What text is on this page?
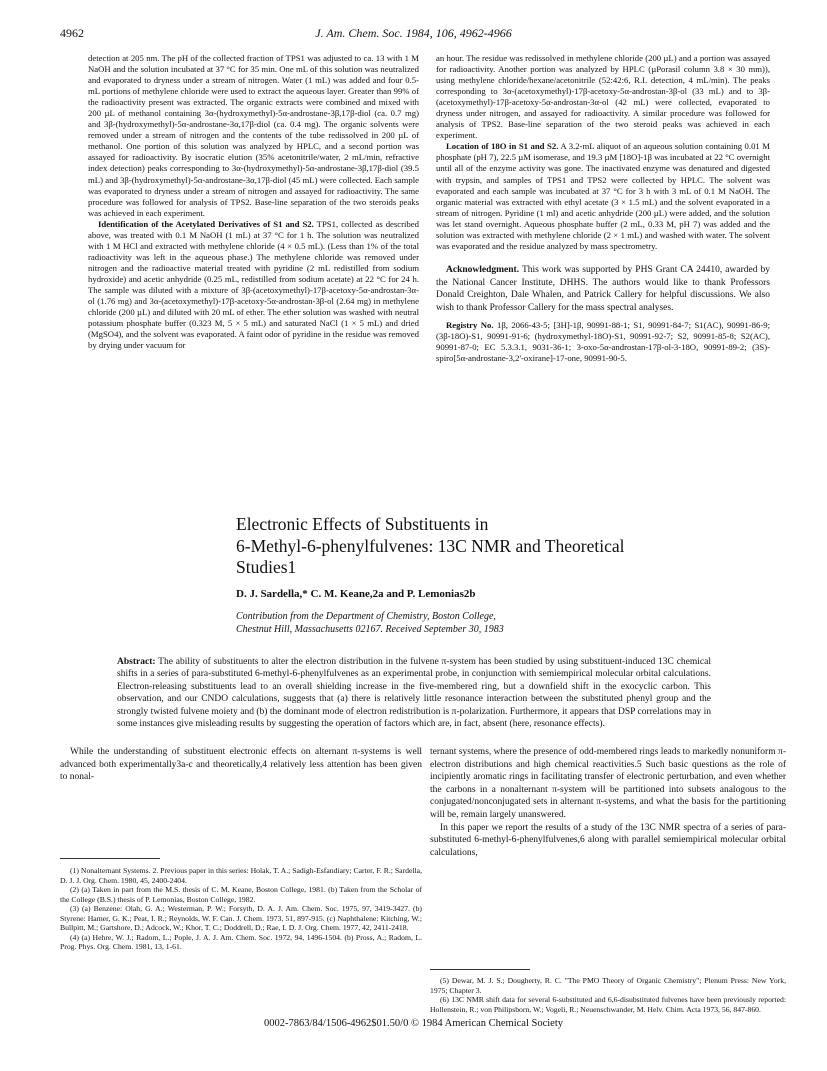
4962	J. Am. Chem. Soc. 1984, 106, 4962-4966

detection at 205 nm. The pH of the collected fraction of TPS1 was adjusted to ca. 13 with 1 M NaOH and the solution incubated at 37 °C for 35 min. One mL of this solution was neutralized and evaporated to dryness under a stream of nitrogen. Water (1 mL) was added and four 0.5-mL portions of methylene chloride were used to extract the aqueous layer. Greater than 99% of the radioactivity present was extracted. The organic extracts were combined and mixed with 200 µL of methanol containing 3α-(hydroxymethyl)-5α-androstane-3β,17β-diol (ca. 0.7 mg) and 3β-(hydroxymethyl)-5α-androstane-3α,17β-diol (ca. 0.4 mg). The organic solvents were removed under a stream of nitrogen and the contents of the tube redissolved in 200 µL of methanol. One portion of this solution was analyzed by HPLC, and a second portion was assayed for radioactivity. By isocratic elution (35% acetonitrile/water, 2 mL/min, refractive index detection) peaks corresponding to 3α-(hydroxymethyl)-5α-androstane-3β,17β-diol (39.5 mL) and 3β-(hydroxymethyl)-5α-androstane-3α,17β-diol (45 mL) were collected. Each sample was evaporated to dryness under a stream of nitrogen and assayed for radioactivity. The same procedure was followed for analysis of TPS2. Base-line separation of the two steroids peaks was achieved in each experiment.

Identification of the Acetylated Derivatives of S1 and S2. TPS1, collected as described above, was treated with 0.1 M NaOH (1 mL) at 37 °C for 1 h. The solution was neutralized with 1 M HCl and extracted with methylene chloride (4 × 0.5 mL). (Less than 1% of the total radioactivity was left in the aqueous phase.) The methylene chloride was removed under nitrogen and the radioactive material treated with pyridine (2 mL redistilled from sodium hydroxide) and acetic anhydride (0.25 mL, redistilled from sodium acetate) at 22 °C for 24 h. The sample was diluted with a mixture of 3β-(acetoxymethyl)-17β-acetoxy-5α-androstan-3α-ol (1.76 mg) and 3α-(acetoxymethyl)-17β-acetoxy-5α-androstan-3β-ol (2.64 mg) in methylene chloride (200 µL) and diluted with 20 mL of ether. The ether solution was washed with neutral potassium phosphate buffer (0.323 M, 5 × 5 mL) and saturated NaCl (1 × 5 mL) and dried (MgSO4), and the solvent was evaporated. A faint odor of pyridine in the residue was removed by drying under vacuum for

an hour. The residue was redissolved in methylene chloride (200 µL) and a portion was assayed for radioactivity. Another portion was analyzed by HPLC (µPorasil column 3.8 × 30 mm)), using methylene chloride/hexane/acetonitrile (52:42:6, R.I. detection, 4 mL/min). The peaks corresponding to 3α-(acetoxymethyl)-17β-acetoxy-5α-androstan-3β-ol (33 mL) and to 3β-(acetoxymethyl)-17β-acetoxy-5α-androstan-3α-ol (42 mL) were collected, evaporated to dryness under nitrogen, and assayed for radioactivity. A similar procedure was followed for analysis of TPS2. Base-line separation of the two steroid peaks was achieved in each experiment.

Location of 18O in S1 and S2. A 3.2-mL aliquot of an aqueous solution containing 0.01 M phosphate (pH 7), 22.5 µM isomerase, and 19.3 µM [18O]-1β was incubated at 22 °C overnight until all of the enzyme activity was gone. The inactivated enzyme was denatured and digested with trypsin, and samples of TPS1 and TPS2 were collected by HPLC. The solvent was evaporated and each sample was incubated at 37 °C for 3 h with 3 mL of 0.1 M NaOH. The organic material was extracted with ethyl acetate (3 × 1.5 mL) and the solvent evaporated in a stream of nitrogen. Pyridine (1 ml) and acetic anhydride (200 µL) were added, and the solution was let stand overnight. Aqueous phosphate buffer (2 mL, 0.33 M, pH 7) was added and the solution was extracted with methylene chloride (2 × 1 mL) and washed with water. The solvent was evaporated and the residue analyzed by mass spectrometry.

Acknowledgment. This work was supported by PHS Grant CA 24410, awarded by the National Cancer Institute, DHHS. The authors would like to thank Professors Donald Creighton, Dale Whalen, and Patrick Callery for helpful discussions. We also wish to thank Professor Callery for the mass spectral analyses.

Registry No. 1β, 2066-43-5; [3H]-1β, 90991-88-1; S1, 90991-84-7; S1(AC), 90991-86-9; (3β-18O)-S1, 90991-91-6; (hydroxymethyl-18O)-S1, 90991-92-7; S2, 90991-85-8; S2(AC), 90991-87-0; EC 5.3.3.1, 9031-36-1; 3-oxo-5α-androstan-17β-ol-3-18O, 90991-89-2; (3S)-spiro[5α-androstane-3,2'-oxirane]-17-one, 90991-90-5.

Electronic Effects of Substituents in
6-Methyl-6-phenylfulvenes: 13C NMR and Theoretical
Studies1
D. J. Sardella,* C. M. Keane,2a and P. Lemonias2b
Contribution from the Department of Chemistry, Boston College,
Chestnut Hill, Massachusetts 02167. Received September 30, 1983
Abstract: The ability of substituents to alter the electron distribution in the fulvene π-system has been studied by using substituent-induced 13C chemical shifts in a series of para-substituted 6-methyl-6-phenylfulvenes as an experimental probe, in conjunction with semiempirical molecular orbital calculations. Electron-releasing substituents lead to an overall shielding increase in the five-membered ring, but a downfield shift in the exocyclic carbon. This observation, and our CNDO calculations, suggests that (a) there is relatively little resonance interaction between the substituted phenyl group and the strongly twisted fulvene moiety and (b) the dominant mode of electron redistribution is π-polarization. Furthermore, it appears that DSP correlations may in some instances give misleading results by suggesting the operation of factors which are, in fact, absent (here, resonance effects).

While the understanding of substituent electronic effects on alternant π-systems is well advanced both experimentally3a-c and theoretically,4 relatively less attention has been given to nonal-

ternant systems, where the presence of odd-membered rings leads to markedly nonuniform π-electron distributions and high chemical reactivities.5 Such basic questions as the role of incipiently aromatic rings in facilitating transfer of electronic perturbation, and even whether the carbons in a nonalternant π-system will be partitioned into subsets analogous to the conjugated/nonconjugated sets in alternant π-systems, and what the basis for the partitioning will be, remain largely unanswered.

In this paper we report the results of a study of the 13C NMR spectra of a series of para-substituted 6-methyl-6-phenylfulvenes,6 along with parallel semiempirical molecular orbital calculations,

(1) Nonalternant Systems. 2. Previous paper in this series: Holak, T. A.; Sadigh-Esfandiary; Carter, F. R.; Sardella, D. J. J. Org. Chem. 1980, 45, 2400-2404.

(2) (a) Taken in part from the M.S. thesis of C. M. Keane, Boston College, 1981. (b) Taken from the Scholar of the College (B.S.) thesis of P. Lemonias, Boston College, 1982.

(3) (a) Benzene: Olah, G. A.; Westerman, P. W.; Forsyth, D. A. J. Am. Chem. Soc. 1975, 97, 3419-3427. (b) Styrene: Hamer, G. K.; Peat, I. R.; Reynolds, W. F. Can. J. Chem. 1973, 51, 897-915. (c) Naphthalene: Kitching, W.; Bullpitt, M.; Gartshore, D.; Adcock, W.; Khor, T. C.; Doddrell, D.; Rae, I. D. J. Org. Chem. 1977, 42, 2411-2418.

(4) (a) Hehre, W. J.; Radom, L.; Pople, J. A. J. Am. Chem. Soc. 1972, 94, 1496-1504. (b) Pross, A.; Radom, L. Prog. Phys. Org. Chem. 1981, 13, 1-61.

(5) Dewar, M. J. S.; Dougherty, R. C. "The PMO Theory of Organic Chemistry"; Plenum Press: New York, 1975; Chapter 3.

(6) 13C NMR shift data for several 6-substituted and 6,6-disubstituted fulvenes have been previously reported: Hollenstein, R.; von Philipsborn, W.; Vogeli, R.; Neuenschwander, M. Helv. Chim. Acta 1973, 56, 847-860.

0002-7863/84/1506-4962$01.50/0 © 1984 American Chemical Society
